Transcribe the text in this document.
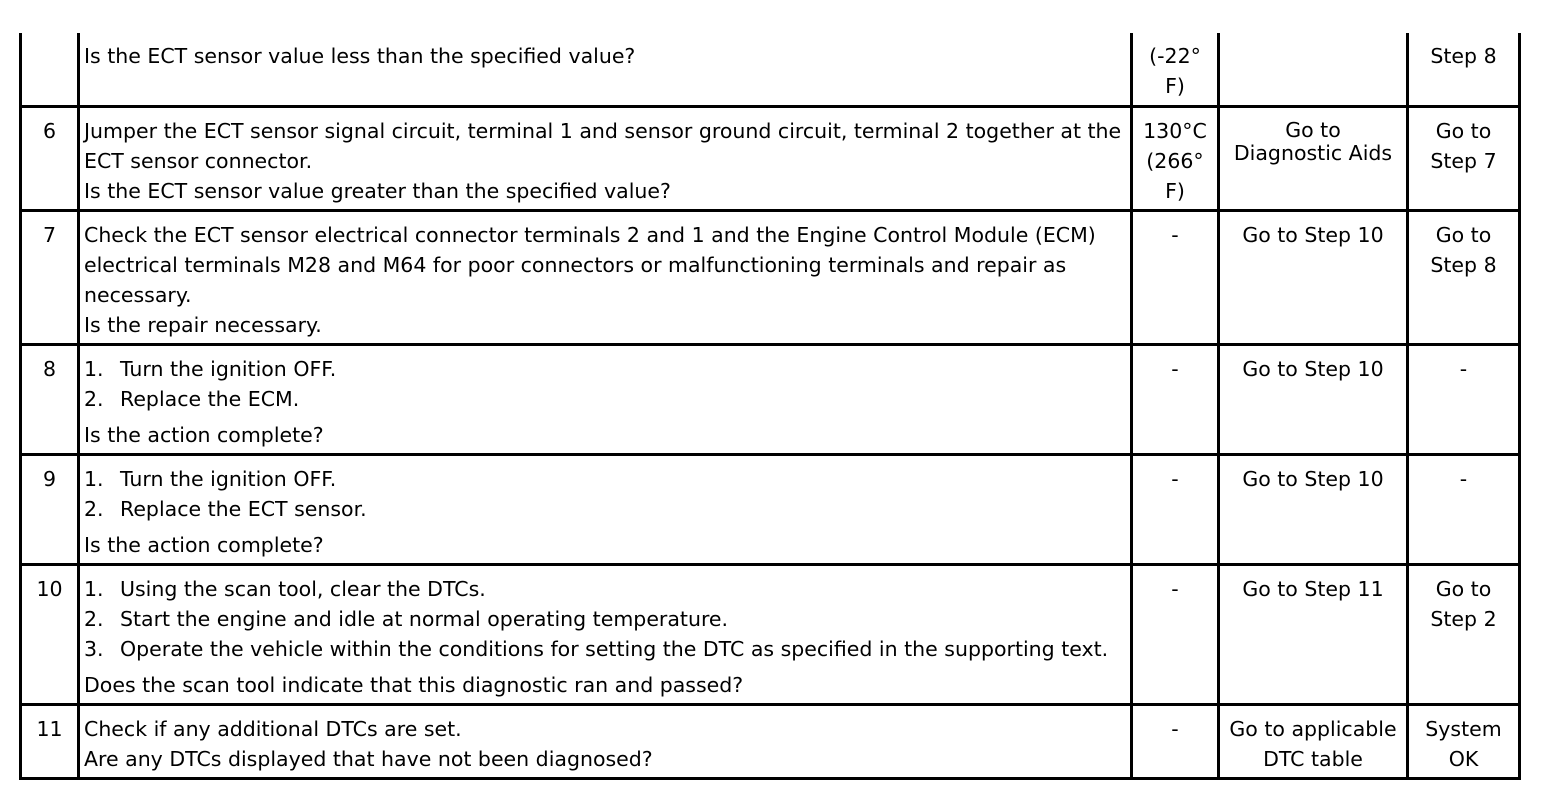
	Is the ECT sensor value less than the specified value?	(-22°
F)		Step 8

6	Jumper the ECT sensor signal circuit, terminal 1 and sensor ground circuit, terminal 2 together at the
ECT sensor connector.
Is the ECT sensor value greater than the specified value?	130°C
(266°
F)	Go to
Diagnostic Aids	Go to
Step 7

7	Check the ECT sensor electrical connector terminals 2 and 1 and the Engine Control Module (ECM)
electrical terminals M28 and M64 for poor connectors or malfunctioning terminals and repair as
necessary.
Is the repair necessary.	-	Go to Step 10	Go to
Step 8

8	1. Turn the ignition OFF.
2. Replace the ECM.
Is the action complete?	-	Go to Step 10	-

9	1. Turn the ignition OFF.
2. Replace the ECT sensor.
Is the action complete?	-	Go to Step 10	-

10	1. Using the scan tool, clear the DTCs.
2. Start the engine and idle at normal operating temperature.
3. Operate the vehicle within the conditions for setting the DTC as specified in the supporting text.
Does the scan tool indicate that this diagnostic ran and passed?	-	Go to Step 11	Go to
Step 2

11	Check if any additional DTCs are set.
Are any DTCs displayed that have not been diagnosed?	-	Go to applicable
DTC table	System
OK
